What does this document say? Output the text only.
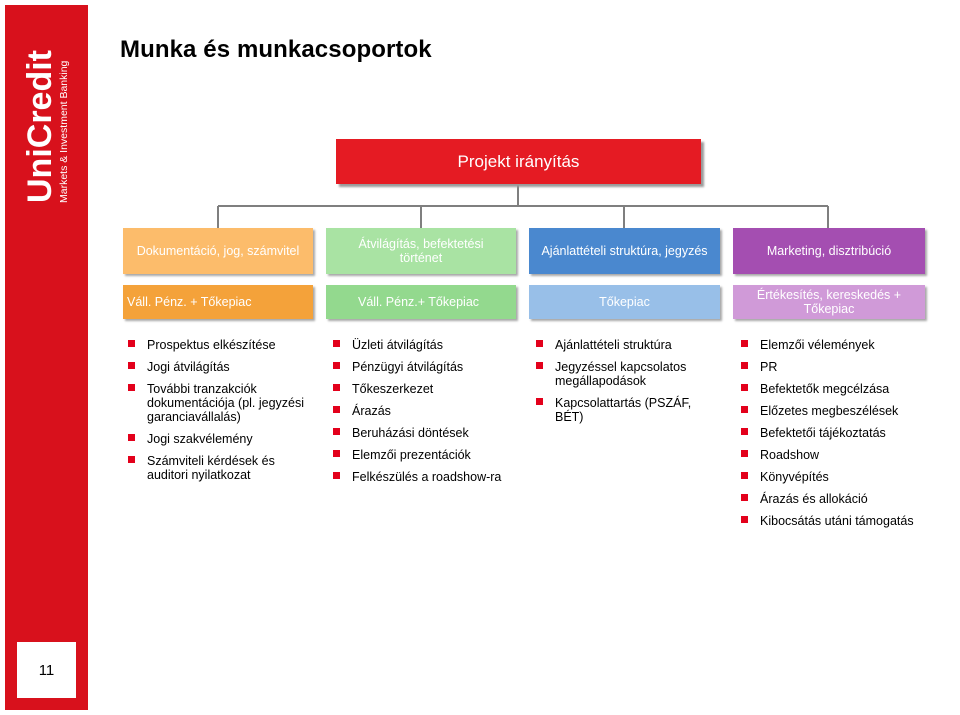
UniCredit Markets & Investment Banking
11
Munka és munkacsoportok
Projekt irányítás
Dokumentáció, jog, számvitel	Átvilágítás, befektetési történet	Ajánlattételi struktúra, jegyzés	Marketing, disztribúció
Váll. Pénz. + Tőkepiac	Váll. Pénz.+ Tőkepiac	Tőkepiac	Értékesítés, kereskedés + Tőkepiac
Prospektus elkészítése
Jogi átvilágítás
További tranzakciók dokumentációja (pl. jegyzési garanciavállalás)
Jogi szakvélemény
Számviteli kérdések és auditori nyilatkozat
Üzleti átvilágítás
Pénzügyi átvilágítás
Tőkeszerkezet
Árazás
Beruházási döntések
Elemzői prezentációk
Felkészülés a roadshow-ra
Ajánlattételi struktúra
Jegyzéssel kapcsolatos megállapodások
Kapcsolattartás (PSZÁF, BÉT)
Elemzői vélemények
PR
Befektetők megcélzása
Előzetes megbeszélések
Befektetői tájékoztatás
Roadshow
Könyvépítés
Árazás és allokáció
Kibocsátás utáni támogatás
